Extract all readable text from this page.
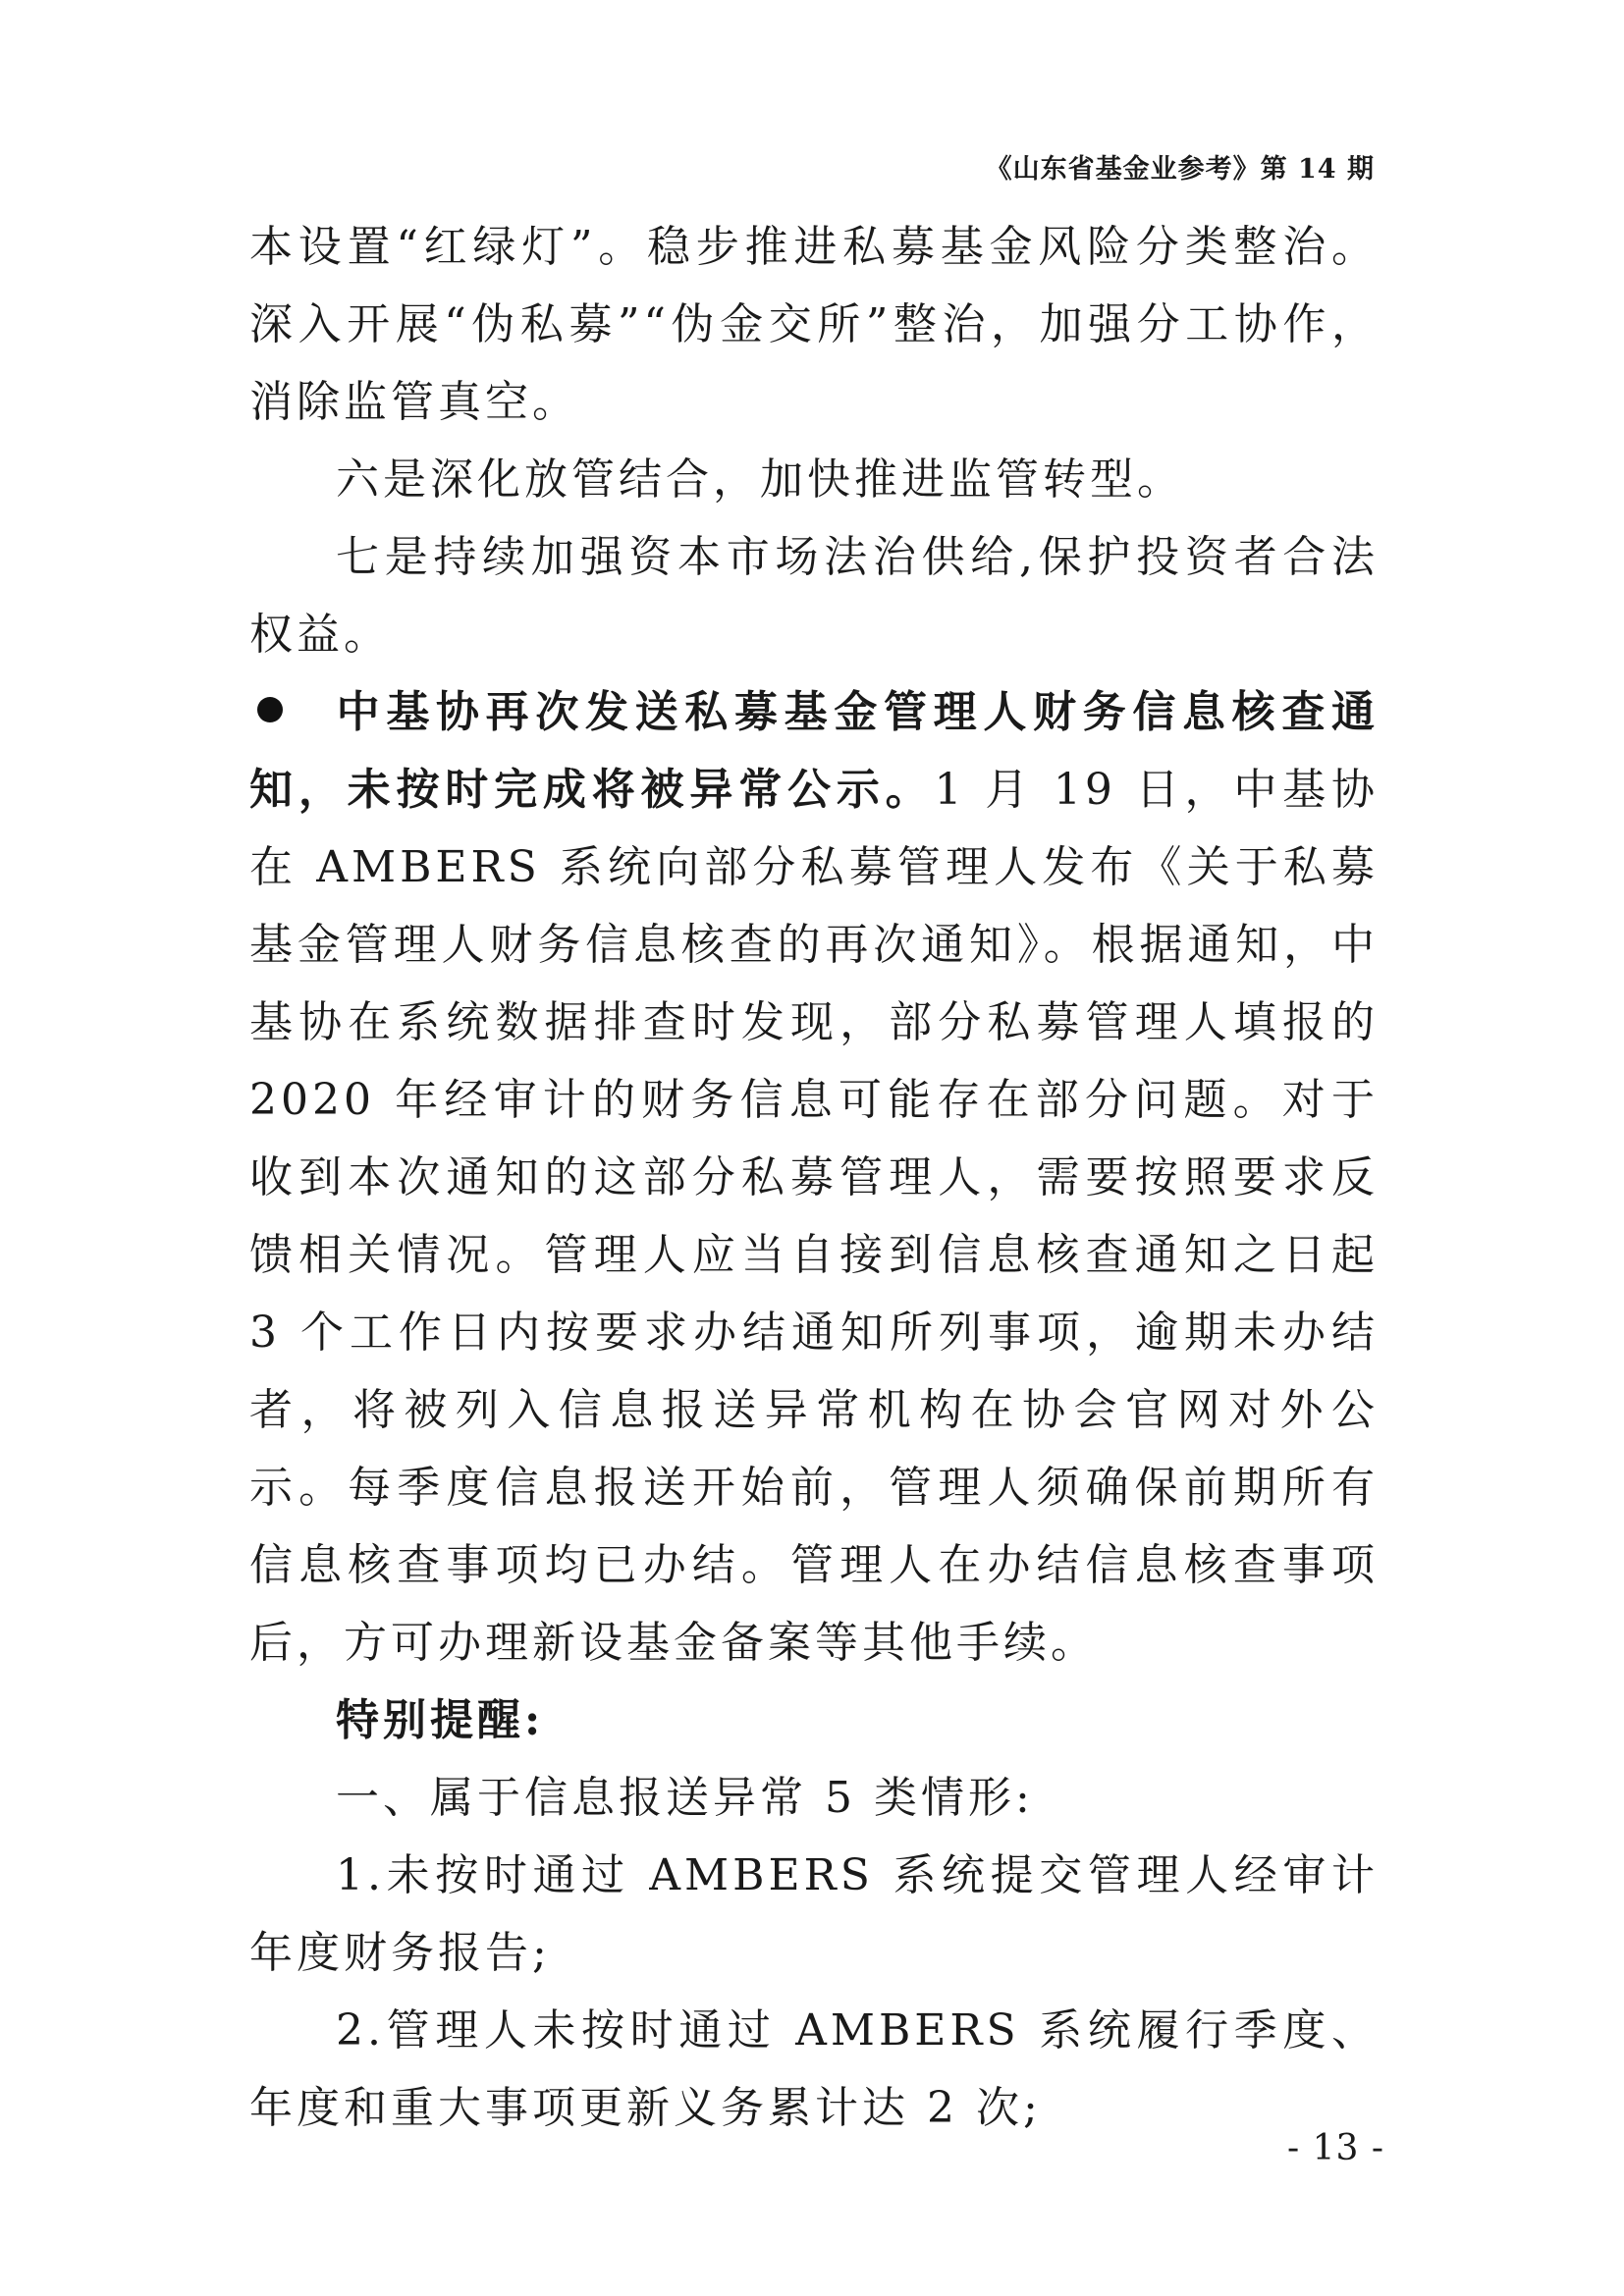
《山东省基金业参考》第 14 期

本设置“红绿灯”。稳步推进私募基金风险分类整治。深入开展“伪私募”“伪金交所”整治，加强分工协作，消除监管真空。

六是深化放管结合，加快推进监管转型。

七是持续加强资本市场法治供给,保护投资者合法权益。

中基协再次发送私募基金管理人财务信息核查通知，未按时完成将被异常公示。1 月 19 日，中基协在 AMBERS 系统向部分私募管理人发布《关于私募基金管理人财务信息核查的再次通知》。根据通知，中基协在系统数据排查时发现，部分私募管理人填报的 2020 年经审计的财务信息可能存在部分问题。对于收到本次通知的这部分私募管理人，需要按照要求反馈相关情况。管理人应当自接到信息核查通知之日起 3 个工作日内按要求办结通知所列事项，逾期未办结者，将被列入信息报送异常机构在协会官网对外公示。每季度信息报送开始前，管理人须确保前期所有信息核查事项均已办结。管理人在办结信息核查事项后，方可办理新设基金备案等其他手续。

特别提醒:

一、属于信息报送异常 5 类情形:

1.未按时通过 AMBERS 系统提交管理人经审计年度财务报告;

2.管理人未按时通过 AMBERS 系统履行季度、年度和重大事项更新义务累计达 2 次;

- 13 -
